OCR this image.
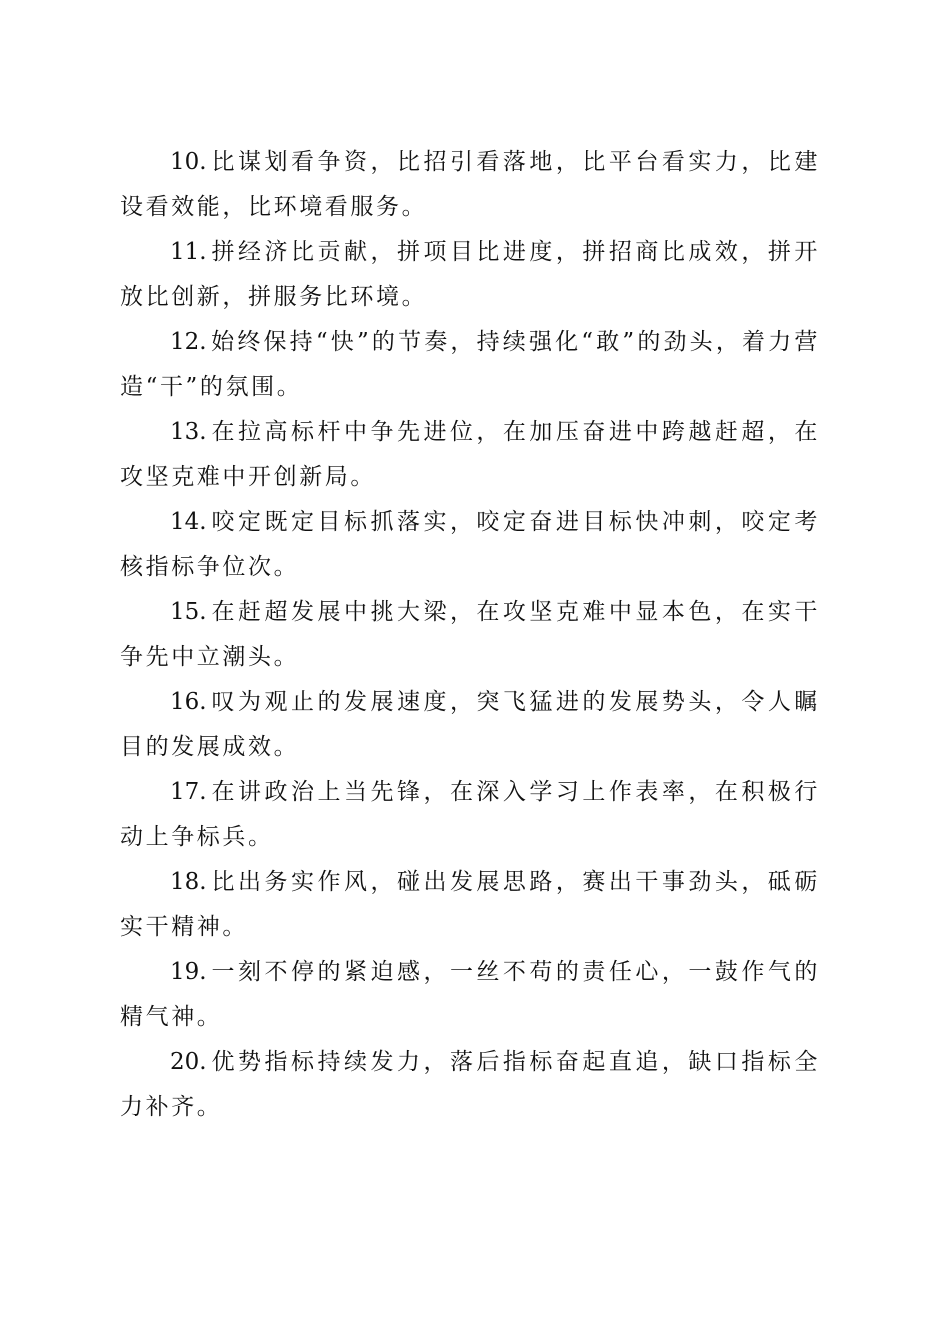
10. 比谋划看争资，比招引看落地，比平台看实力，比建设看效能，比环境看服务。

11. 拼经济比贡献，拼项目比进度，拼招商比成效，拼开放比创新，拼服务比环境。

12. 始终保持“快”的节奏，持续强化“敢”的劲头，着力营造“干”的氛围。

13. 在拉高标杆中争先进位，在加压奋进中跨越赶超，在攻坚克难中开创新局。

14. 咬定既定目标抓落实，咬定奋进目标快冲刺，咬定考核指标争位次。

15. 在赶超发展中挑大梁，在攻坚克难中显本色，在实干争先中立潮头。

16. 叹为观止的发展速度，突飞猛进的发展势头，令人瞩目的发展成效。

17. 在讲政治上当先锋，在深入学习上作表率，在积极行动上争标兵。

18. 比出务实作风，碰出发展思路，赛出干事劲头，砥砺实干精神。

19. 一刻不停的紧迫感，一丝不苟的责任心，一鼓作气的精气神。

20. 优势指标持续发力，落后指标奋起直追，缺口指标全力补齐。
